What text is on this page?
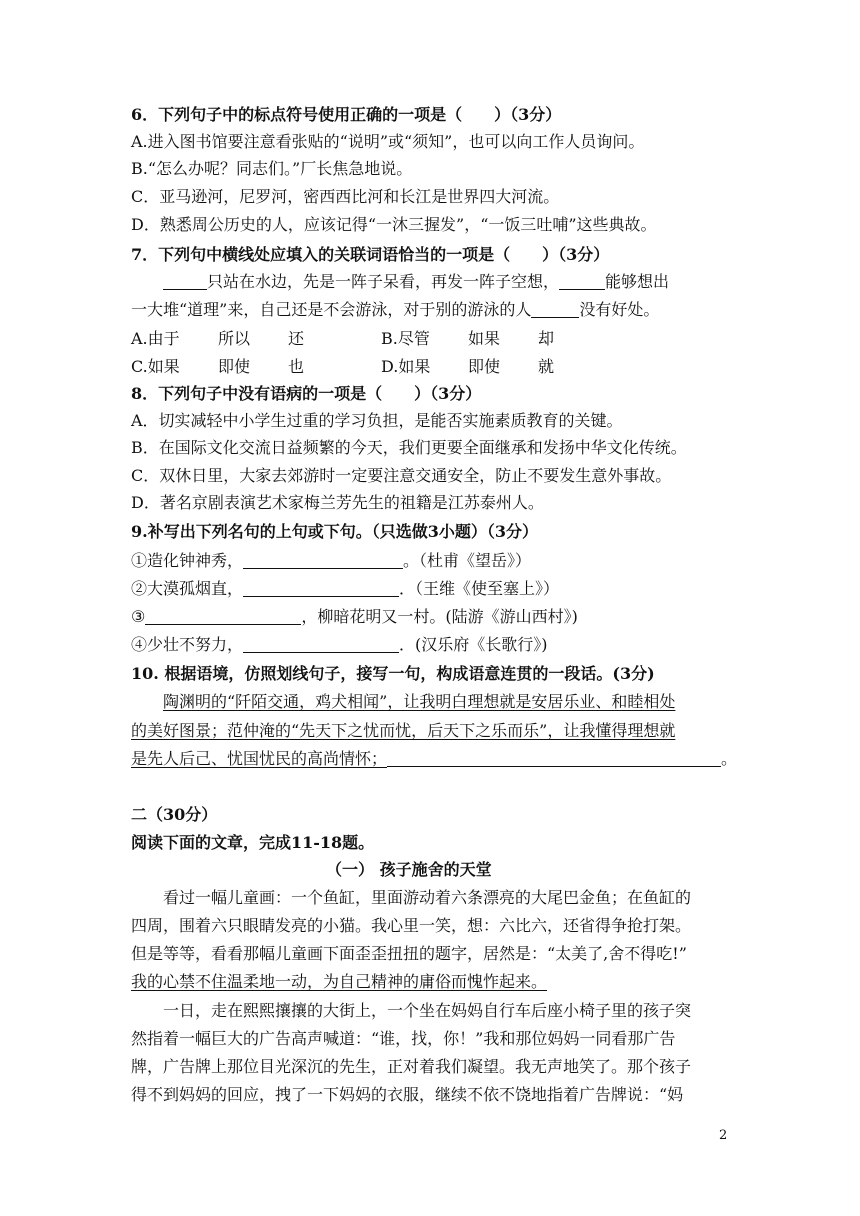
6．下列句子中的标点符号使用正确的一项是（　　）（3分）
A.进入图书馆要注意看张贴的“说明”或“须知”，也可以向工作人员询问。
B.“怎么办呢？同志们。”厂长焦急地说。
C．亚马逊河，尼罗河，密西西比河和长江是世界四大河流。
D．熟悉周公历史的人，应该记得“一沐三握发”，“一饭三吐哺”这些典故。
7．下列句中横线处应填入的关联词语恰当的一项是（　　）（3分）
只站在水边，先是一阵子呆看，再发一阵子空想，	能够想出
一大堆“道理”来，自己还是不会游泳，对于别的游泳的人	没有好处。
A.由于 所以 还	B.尽管 如果 却
C.如果 即使 也	D.如果 即使 就
8．下列句子中没有语病的一项是（　　）（3分）
A．切实减轻中小学生过重的学习负担，是能否实施素质教育的关键。
B．在国际文化交流日益频繁的今天，我们更要全面继承和发扬中华文化传统。
C．双休日里，大家去郊游时一定要注意交通安全，防止不要发生意外事故。
D．著名京剧表演艺术家梅兰芳先生的祖籍是江苏泰州人。
9.补写出下列名句的上句或下句。（只选做3小题）（3分）
①造化钟神秀，	。（杜甫《望岳》）
②大漠孤烟直，	．（王维《使至塞上》）
③	，柳暗花明又一村。(陆游《游山西村》)
④少壮不努力，	．(汉乐府《长歌行》)
10. 根据语境，仿照划线句子，接写一句，构成语意连贯的一段话。(3分)
陶渊明的“阡陌交通，鸡犬相闻”，让我明白理想就是安居乐业、和睦相处
的美好图景；范仲淹的“先天下之忧而忧，后天下之乐而乐”，让我懂得理想就
是先人后己、忧国忧民的高尚情怀；	。
二（30分）
阅读下面的文章，完成11-18题。
（一） 孩子施舍的天堂
看过一幅儿童画：一个鱼缸，里面游动着六条漂亮的大尾巴金鱼；在鱼缸的
四周，围着六只眼睛发亮的小猫。我心里一笑，想：六比六，还省得争抢打架。
但是等等，看看那幅儿童画下面歪歪扭扭的题字，居然是：“太美了,舍不得吃!”
我的心禁不住温柔地一动，为自己精神的庸俗而愧怍起来。
一日，走在熙熙攘攘的大街上，一个坐在妈妈自行车后座小椅子里的孩子突
然指着一幅巨大的广告高声喊道：“谁，找，你！”我和那位妈妈一同看那广告
牌，广告牌上那位目光深沉的先生，正对着我们凝望。我无声地笑了。那个孩子
得不到妈妈的回应，拽了一下妈妈的衣服，继续不依不饶地指着广告牌说：“妈
2
